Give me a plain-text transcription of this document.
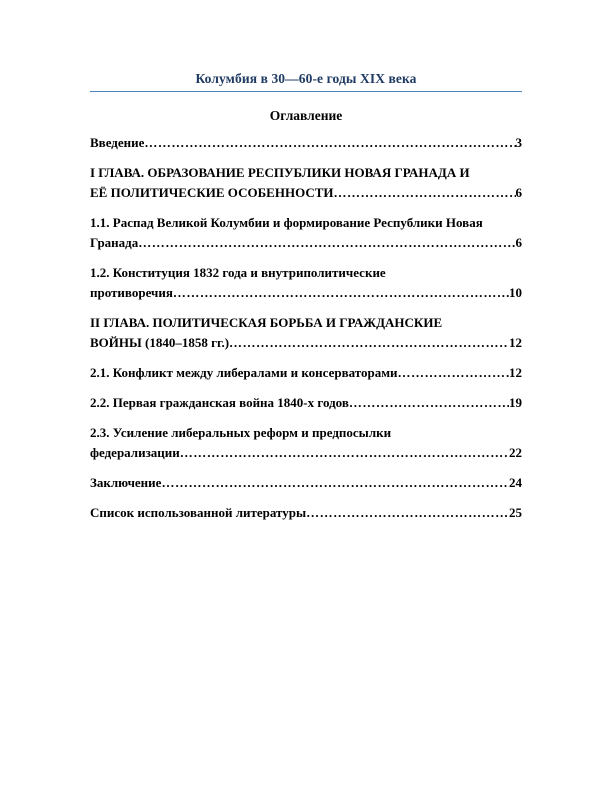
Колумбия в 30—60-е годы XIX века
Оглавление
Введение ……………………………………………………………………………………………………………………………………………	3
I ГЛАВА. ОБРАЗОВАНИЕ РЕСПУБЛИКИ НОВАЯ ГРАНАДА И
ЕЁ ПОЛИТИЧЕСКИЕ ОСОБЕННОСТИ ……………………………………………………………………………………………………………………………………………	6
1.1. Распад Великой Колумбии и формирование Республики Новая
Гранада ……………………………………………………………………………………………………………………………………………	6
1.2. Конституция 1832 года и внутриполитические
противоречия ……………………………………………………………………………………………………………………………………………	10
II ГЛАВА. ПОЛИТИЧЕСКАЯ БОРЬБА И ГРАЖДАНСКИЕ
ВОЙНЫ (1840–1858 гг.) ……………………………………………………………………………………………………………………………………………	12
2.1. Конфликт между либералами и консерваторами ……………………………………………………………………………………………………………………………………………	12
2.2. Первая гражданская война 1840-х годов ……………………………………………………………………………………………………………………………………………	19
2.3. Усиление либеральных реформ и предпосылки
федерализации ……………………………………………………………………………………………………………………………………………	22
Заключение ……………………………………………………………………………………………………………………………………………	24
Список использованной литературы ……………………………………………………………………………………………………………………………………………	25
